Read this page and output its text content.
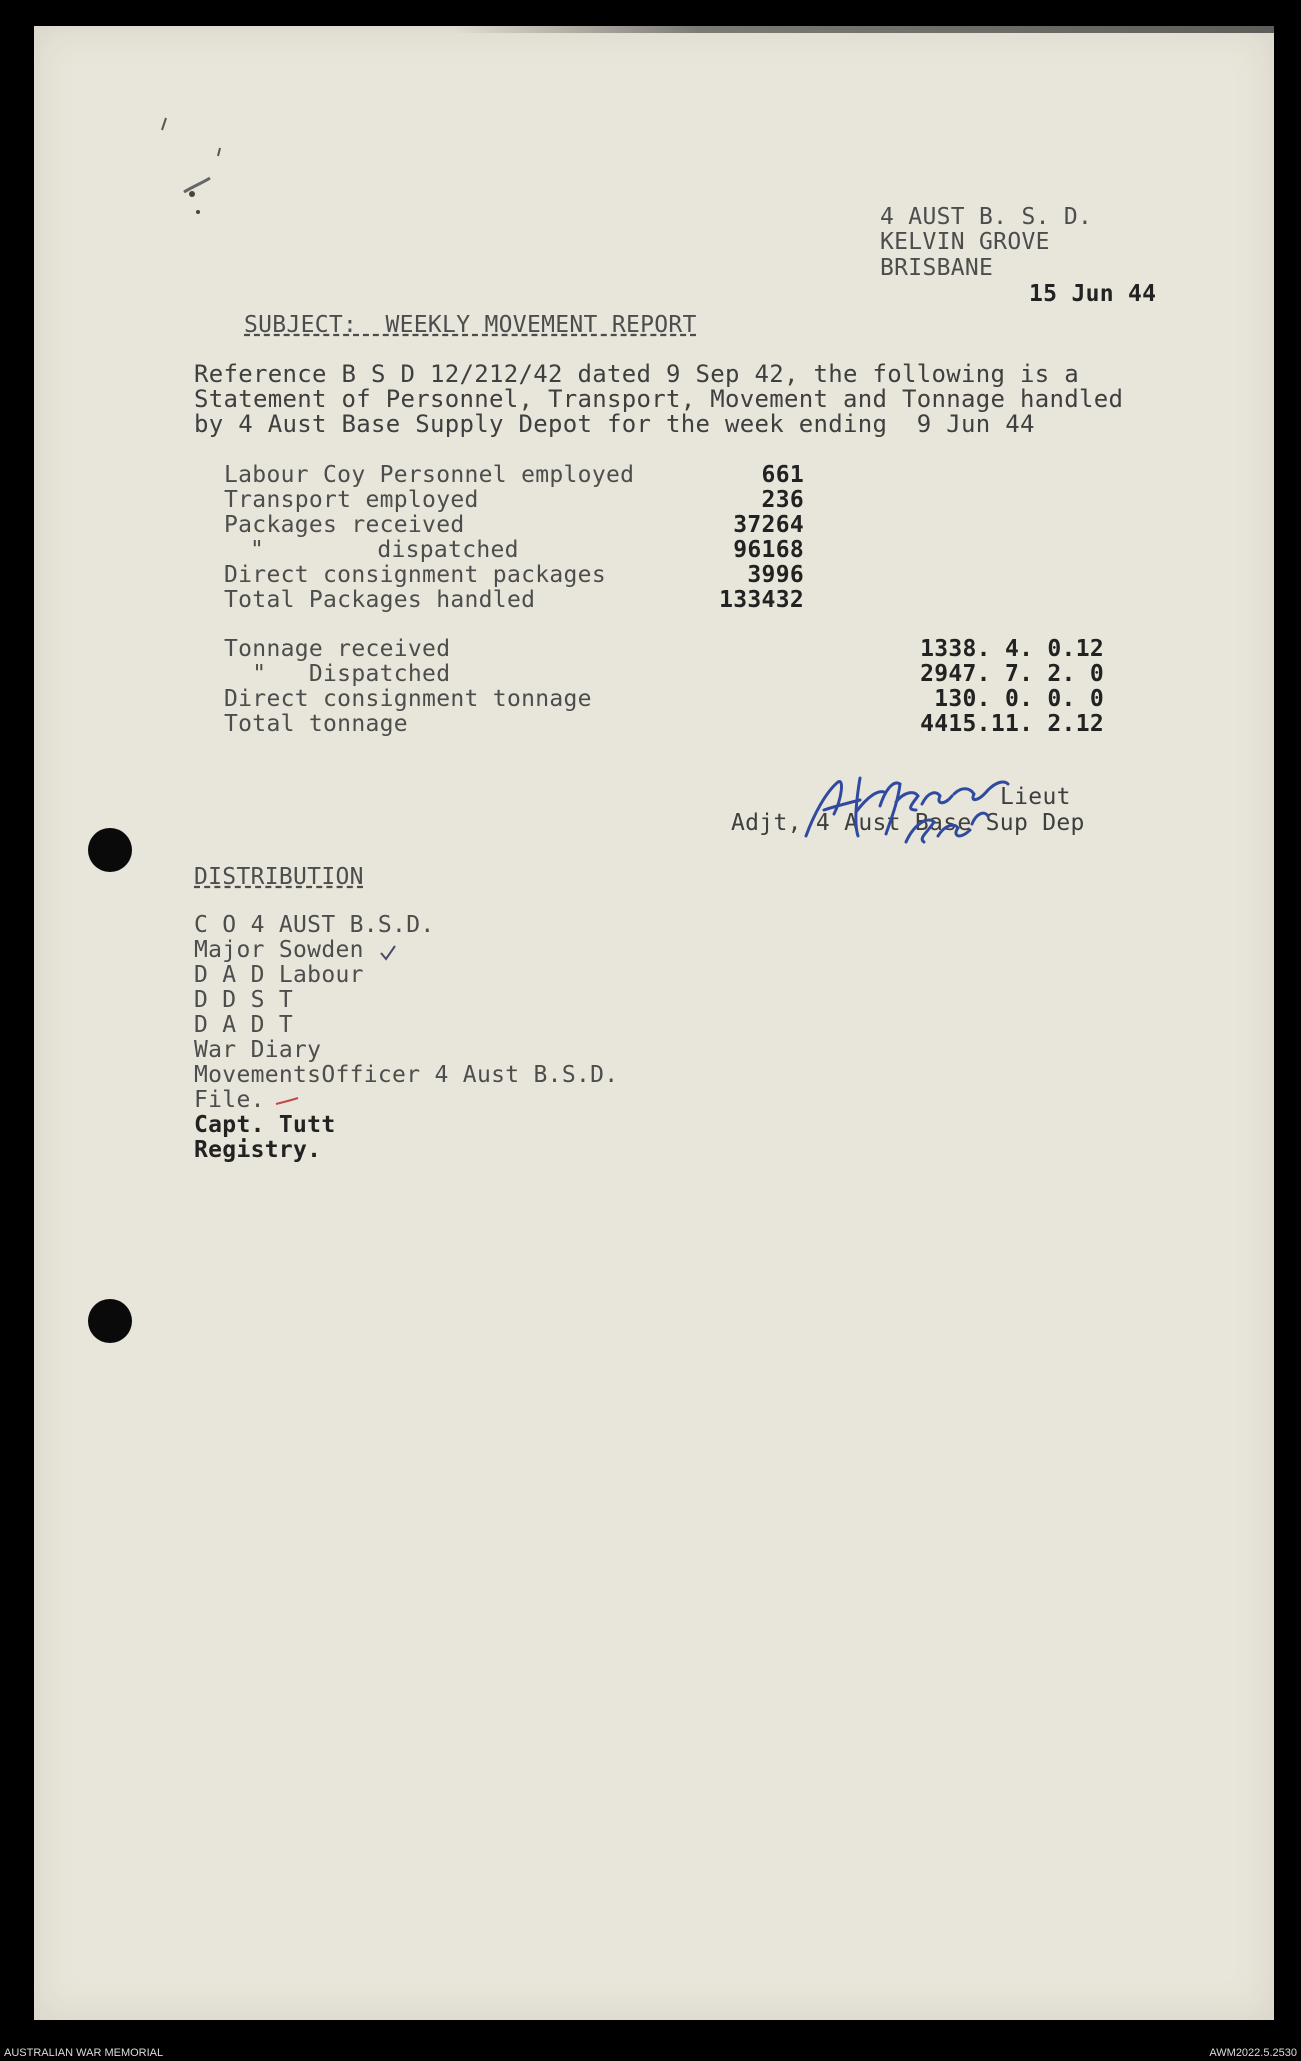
4 AUST B. S. D.
KELVIN GROVE
BRISBANE
15 Jun 44
SUBJECT:  WEEKLY MOVEMENT REPORT
Reference B S D 12/212/42 dated 9 Sep 42, the following is a
Statement of Personnel, Transport, Movement and Tonnage handled
by 4 Aust Base Supply Depot for the week ending  9 Jun 44
Labour Coy Personnel employed	661
Transport employed	236
Packages received	37264
"        dispatched	96168
Direct consignment packages	3996
Total Packages handled	133432
Tonnage received	1338. 4. 0.12
"   Dispatched	2947. 7. 2. 0
Direct consignment tonnage	130. 0. 0. 0
Total tonnage	4415.11. 2.12
Lieut
Adjt, 4 Aust Base Sup Dep
DISTRIBUTION
C O 4 AUST B.S.D.
Major Sowden
D A D Labour
D D S T
D A D T
War Diary
MovementsOfficer 4 Aust B.S.D.
File.
Capt. Tutt
Registry.
AUSTRALIAN WAR MEMORIAL	AWM2022.5.2530
